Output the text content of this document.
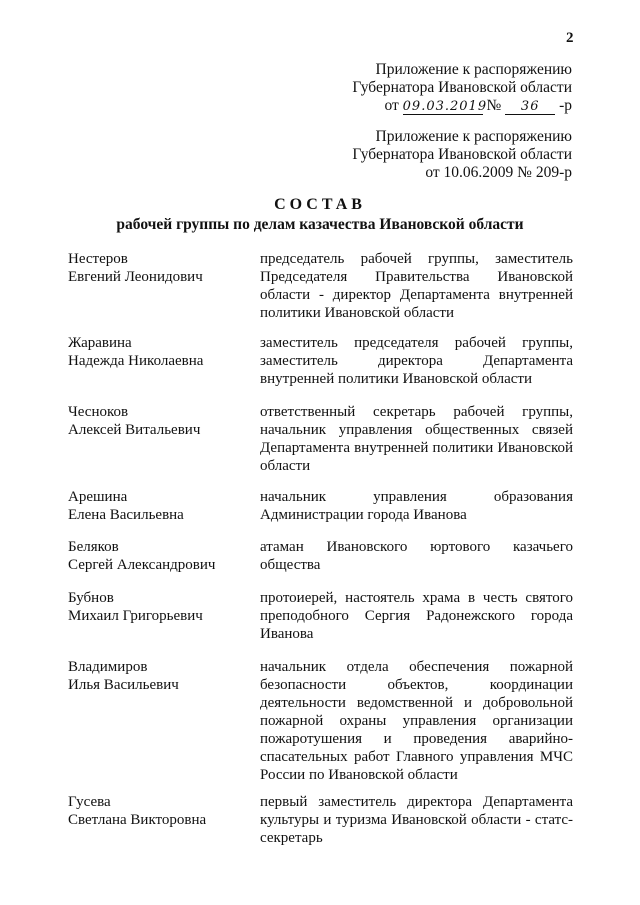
2
Приложение к распоряжению
Губернатора Ивановской области
от 09.03.2019 № 36 -р
Приложение к распоряжению
Губернатора Ивановской области
от 10.06.2009 № 209-р
СОСТАВ
рабочей группы по делам казачества Ивановской области
Нестеров
Евгений Леонидович
председатель рабочей группы, заместитель Председателя Правительства Ивановской области - директор Департамента внутренней политики Ивановской области
Жаравина
Надежда Николаевна
заместитель председателя рабочей группы, заместитель директора Департамента внутренней политики Ивановской области
Чесноков
Алексей Витальевич
ответственный секретарь рабочей группы, начальник управления общественных связей Департамента внутренней политики Ивановской области
Арешина
Елена Васильевна
начальник управления образования Администрации города Иванова
Беляков
Сергей Александрович
атаман Ивановского юртового казачьего общества
Бубнов
Михаил Григорьевич
протоиерей, настоятель храма в честь святого преподобного Сергия Радонежского города Иванова
Владимиров
Илья Васильевич
начальник отдела обеспечения пожарной безопасности объектов, координации деятельности ведомственной и добровольной пожарной охраны управления организации пожаротушения и проведения аварийно-спасательных работ Главного управления МЧС России по Ивановской области
Гусева
Светлана Викторовна
первый заместитель директора Департамента культуры и туризма Ивановской области - статс-секретарь
